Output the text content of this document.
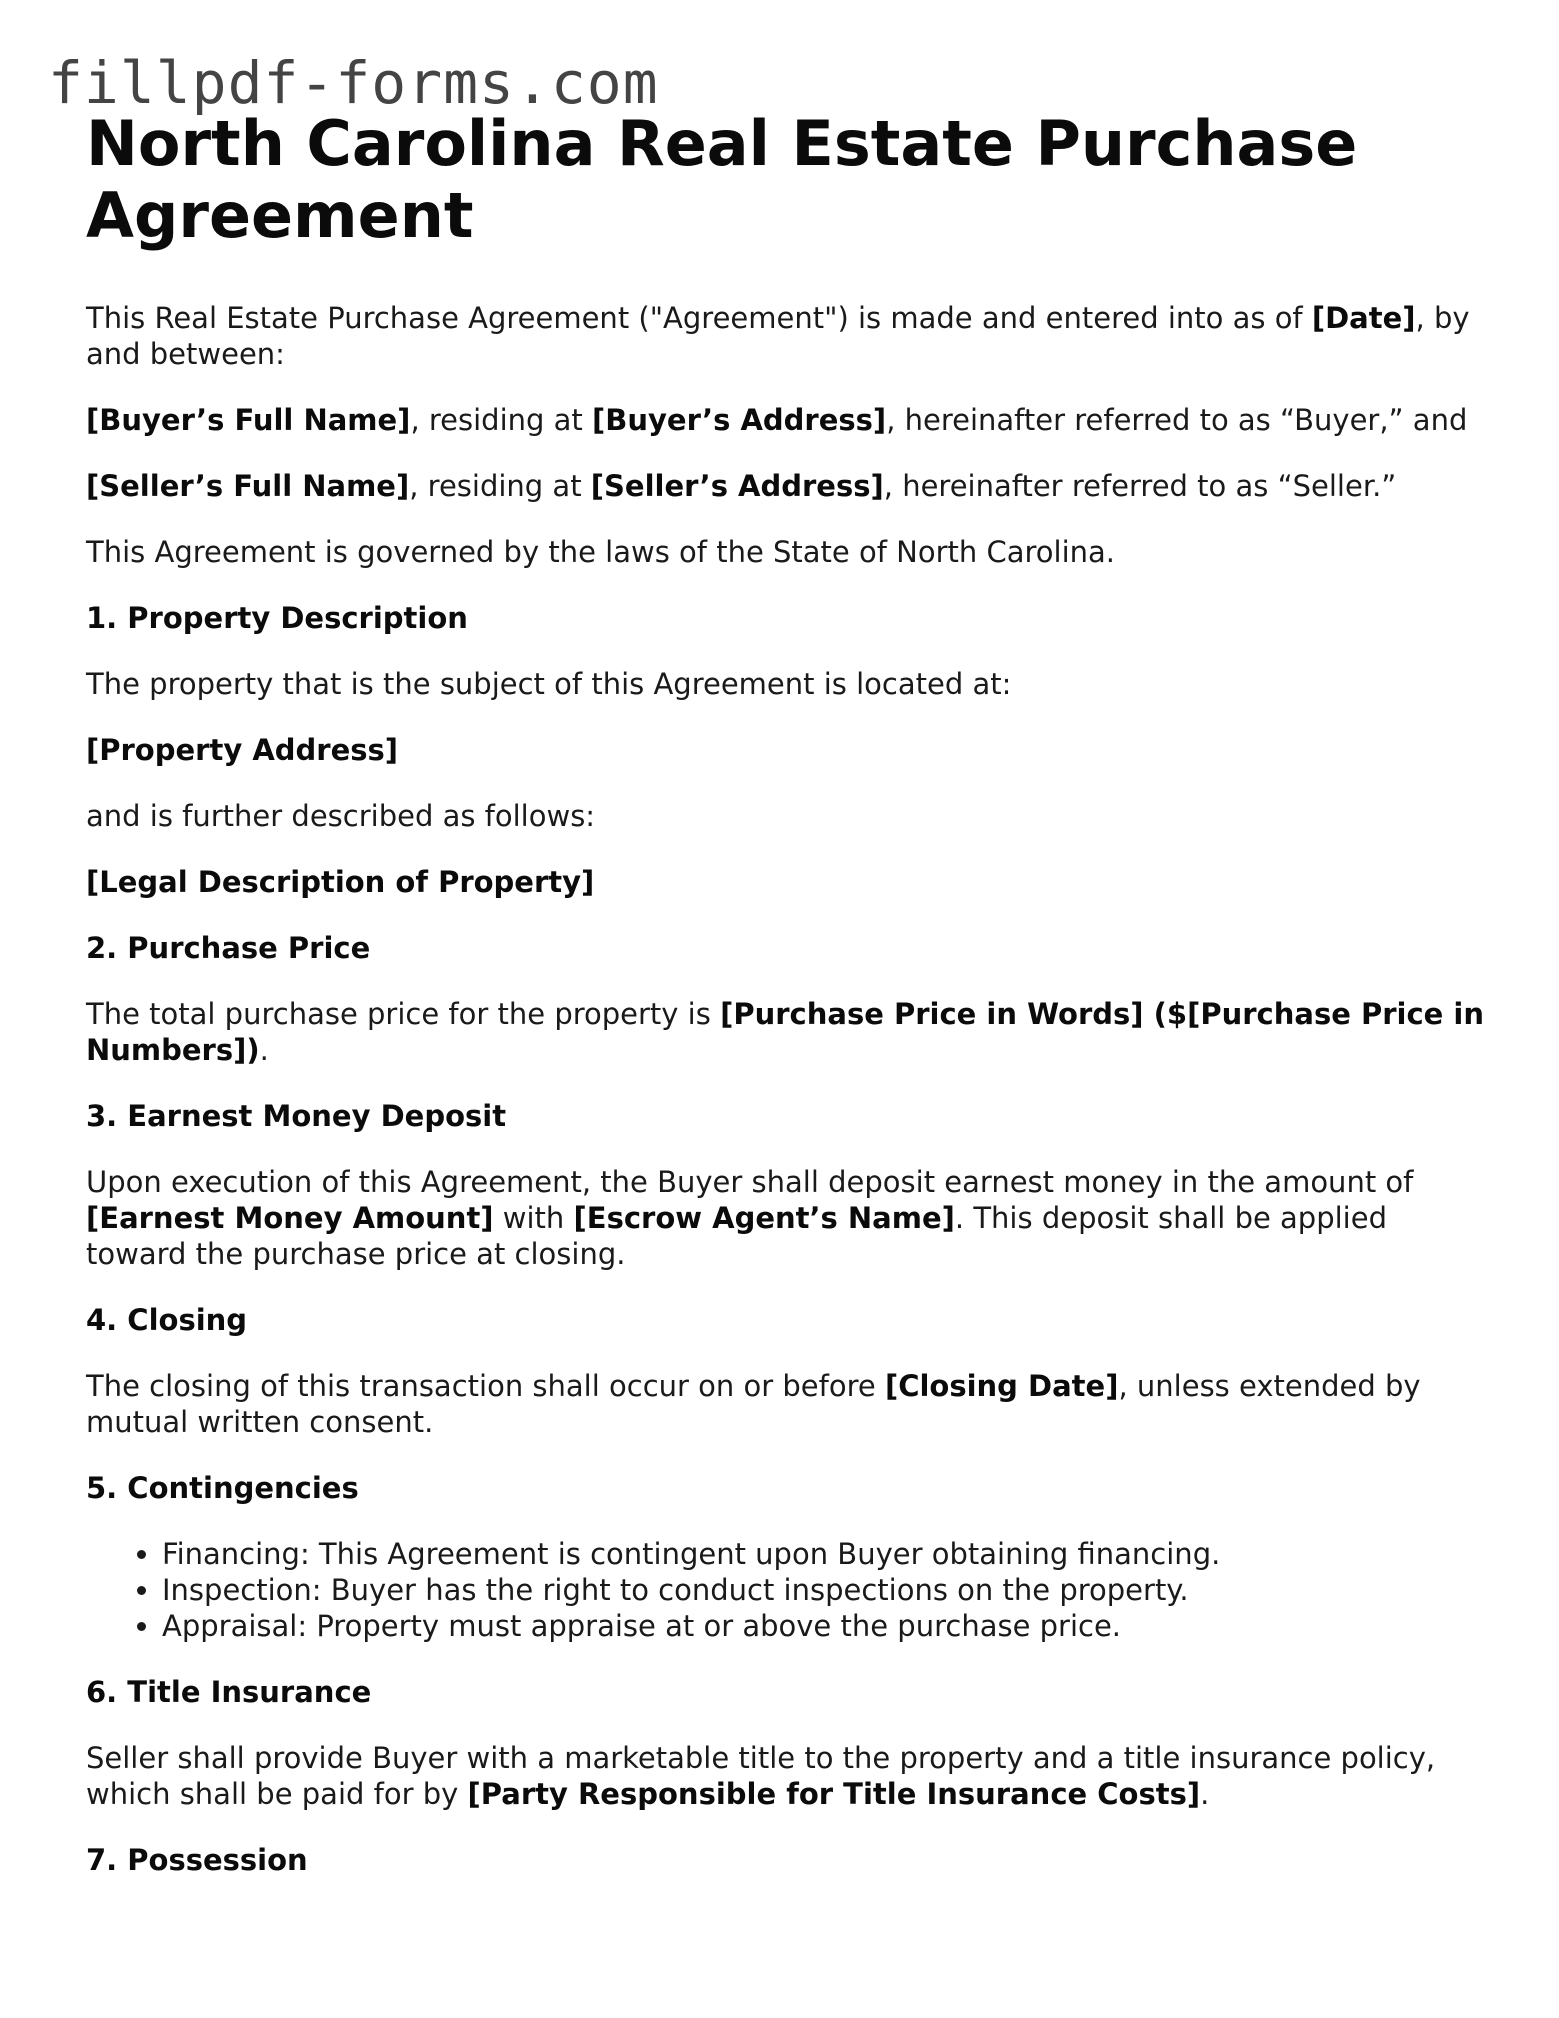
fillpdf-forms.com
North Carolina Real Estate Purchase Agreement

This Real Estate Purchase Agreement ("Agreement") is made and entered into as of [Date], by and between:

[Buyer’s Full Name], residing at [Buyer’s Address], hereinafter referred to as “Buyer,” and

[Seller’s Full Name], residing at [Seller’s Address], hereinafter referred to as “Seller.”

This Agreement is governed by the laws of the State of North Carolina.

1. Property Description

The property that is the subject of this Agreement is located at:

[Property Address]

and is further described as follows:

[Legal Description of Property]

2. Purchase Price

The total purchase price for the property is [Purchase Price in Words] ($[Purchase Price in Numbers]).

3. Earnest Money Deposit

Upon execution of this Agreement, the Buyer shall deposit earnest money in the amount of [Earnest Money Amount] with [Escrow Agent’s Name]. This deposit shall be applied toward the purchase price at closing.

4. Closing

The closing of this transaction shall occur on or before [Closing Date], unless extended by mutual written consent.

5. Contingencies
• Financing: This Agreement is contingent upon Buyer obtaining financing.
• Inspection: Buyer has the right to conduct inspections on the property.
• Appraisal: Property must appraise at or above the purchase price.
6. Title Insurance

Seller shall provide Buyer with a marketable title to the property and a title insurance policy, which shall be paid for by [Party Responsible for Title Insurance Costs].

7. Possession
